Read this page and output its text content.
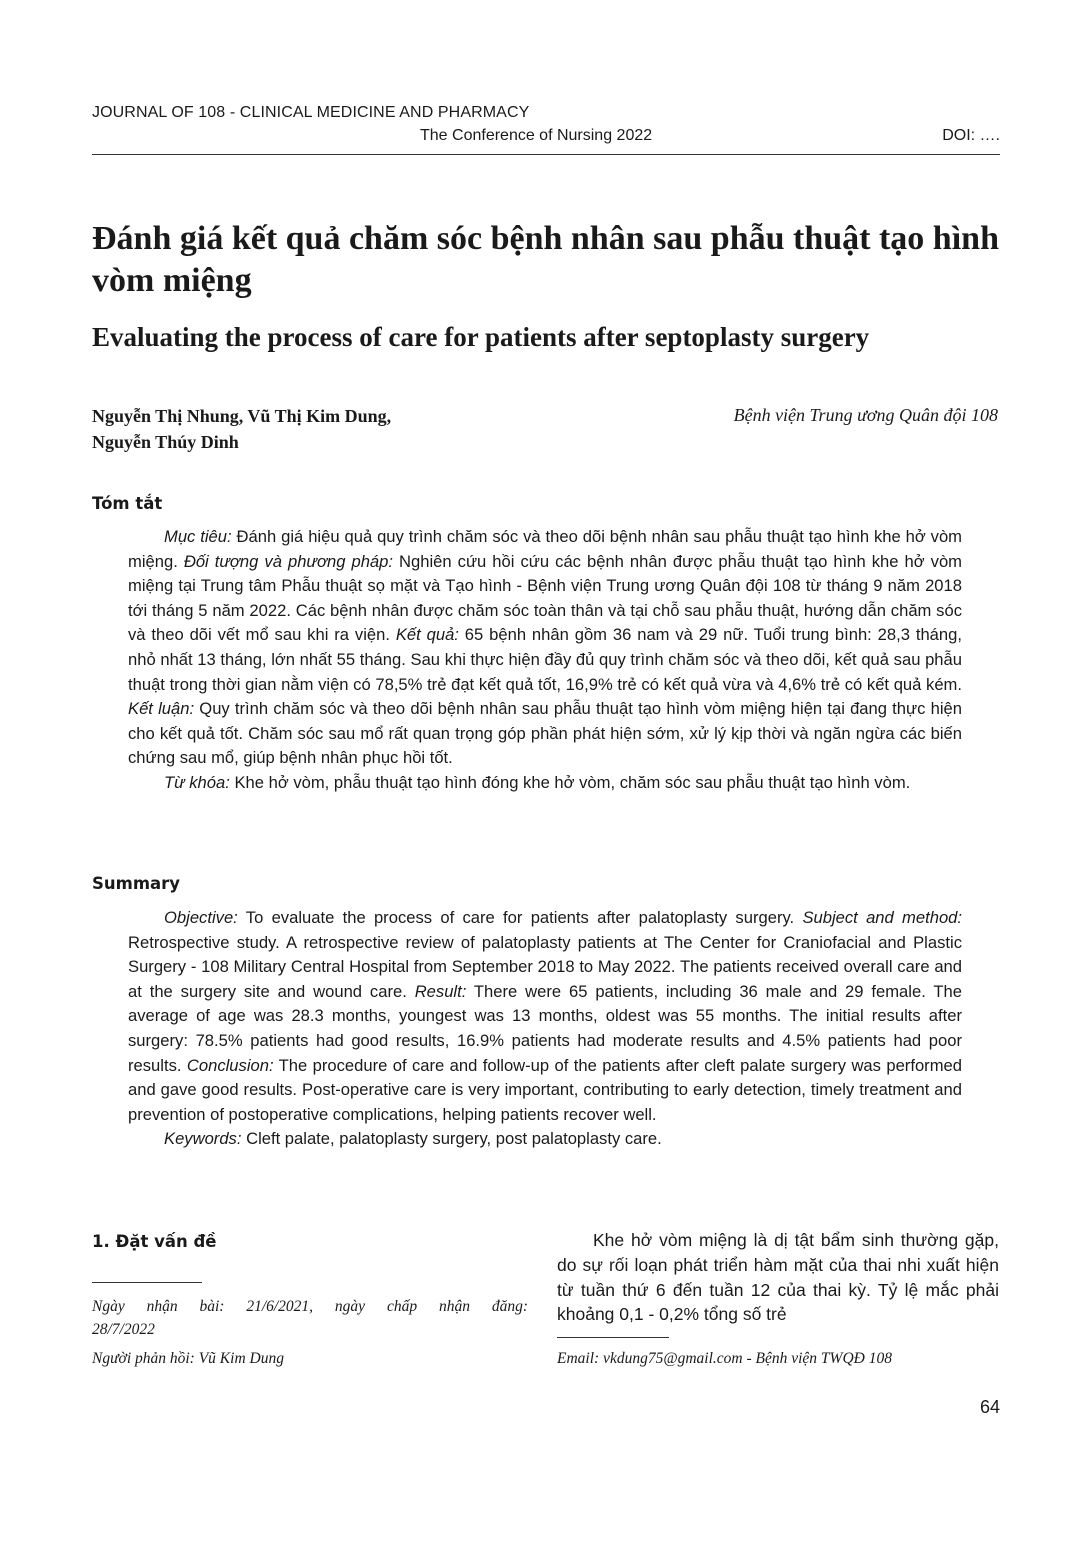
JOURNAL OF 108 - CLINICAL MEDICINE AND PHARMACY
The Conference of Nursing 2022	DOI: ….
Đánh giá kết quả chăm sóc bệnh nhân sau phẫu thuật tạo hình vòm miệng
Evaluating the process of care for patients after septoplasty surgery
Nguyễn Thị Nhung, Vũ Thị Kim Dung,
Nguyễn Thúy Dinh
Bệnh viện Trung ương Quân đội 108
Tóm tắt

Mục tiêu: Đánh giá hiệu quả quy trình chăm sóc và theo dõi bệnh nhân sau phẫu thuật tạo hình khe hở vòm miệng. Đối tượng và phương pháp: Nghiên cứu hồi cứu các bệnh nhân được phẫu thuật tạo hình khe hở vòm miệng tại Trung tâm Phẫu thuật sọ mặt và Tạo hình - Bệnh viện Trung ương Quân đội 108 từ tháng 9 năm 2018 tới tháng 5 năm 2022. Các bệnh nhân được chăm sóc toàn thân và tại chỗ sau phẫu thuật, hướng dẫn chăm sóc và theo dõi vết mổ sau khi ra viện. Kết quả: 65 bệnh nhân gồm 36 nam và 29 nữ. Tuổi trung bình: 28,3 tháng, nhỏ nhất 13 tháng, lớn nhất 55 tháng. Sau khi thực hiện đầy đủ quy trình chăm sóc và theo dõi, kết quả sau phẫu thuật trong thời gian nằm viện có 78,5% trẻ đạt kết quả tốt, 16,9% trẻ có kết quả vừa và 4,6% trẻ có kết quả kém. Kết luận: Quy trình chăm sóc và theo dõi bệnh nhân sau phẫu thuật tạo hình vòm miệng hiện tại đang thực hiện cho kết quả tốt. Chăm sóc sau mổ rất quan trọng góp phần phát hiện sớm, xử lý kịp thời và ngăn ngừa các biến chứng sau mổ, giúp bệnh nhân phục hồi tốt.

Từ khóa: Khe hở vòm, phẫu thuật tạo hình đóng khe hở vòm, chăm sóc sau phẫu thuật tạo hình vòm.

Summary

Objective: To evaluate the process of care for patients after palatoplasty surgery. Subject and method: Retrospective study. A retrospective review of palatoplasty patients at The Center for Craniofacial and Plastic Surgery - 108 Military Central Hospital from September 2018 to May 2022. The patients received overall care and at the surgery site and wound care. Result: There were 65 patients, including 36 male and 29 female. The average of age was 28.3 months, youngest was 13 months, oldest was 55 months. The initial results after surgery: 78.5% patients had good results, 16.9% patients had moderate results and 4.5% patients had poor results. Conclusion: The procedure of care and follow-up of the patients after cleft palate surgery was performed and gave good results. Post-operative care is very important, contributing to early detection, timely treatment and prevention of postoperative complications, helping patients recover well.

Keywords: Cleft palate, palatoplasty surgery, post palatoplasty care.

1. Đặt vấn đề
Ngày nhận bài: 21/6/2021, ngày chấp nhận đăng:
28/7/2022
Người phản hồi: Vũ Kim Dung

Khe hở vòm miệng là dị tật bẩm sinh thường gặp, do sự rối loạn phát triển hàm mặt của thai nhi xuất hiện từ tuần thứ 6 đến tuần 12 của thai kỳ. Tỷ lệ mắc phải khoảng 0,1 - 0,2% tổng số trẻ

Email: vkdung75@gmail.com - Bệnh viện TWQĐ 108
64
